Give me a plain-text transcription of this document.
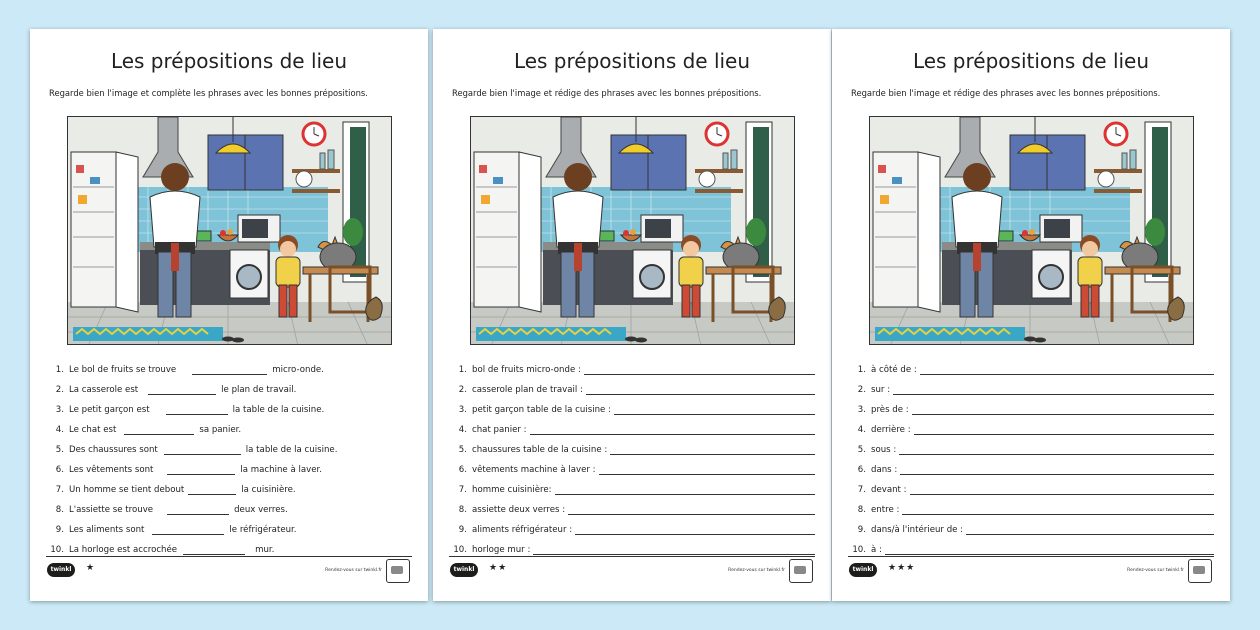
Les prépositions de lieu
Regarde bien l'image et complète les phrases avec les bonnes prépositions.
1. Le bol de fruits se trouve	micro-onde.
2. La casserole est	le plan de travail.
3. Le petit garçon est	la table de la cuisine.
4. Le chat est	sa panier.
5. Des chaussures sont	la table de la cuisine.
6. Les vêtements sont	la machine à laver.
7. Un homme se tient debout	la cuisinière.
8. L'assiette se trouve	deux verres.
9. Les aliments sont	le réfrigérateur.
10. La horloge est accrochée	mur.
twinkl	★	Rendez-vous sur twinkl.fr
Les prépositions de lieu
Regarde bien l'image et rédige des phrases avec les bonnes prépositions.
1. bol de fruits micro-onde :
2. casserole plan de travail :
3. petit garçon table de la cuisine :
4. chat panier :
5. chaussures table de la cuisine :
6. vêtements machine à laver :
7. homme cuisinière:
8. assiette deux verres :
9. aliments réfrigérateur :
10. horloge mur :
twinkl	★★	Rendez-vous sur twinkl.fr
Les prépositions de lieu
Regarde bien l'image et rédige des phrases avec les bonnes prépositions.
1. à côté de :
2. sur :
3. près de :
4. derrière :
5. sous :
6. dans :
7. devant :
8. entre :
9. dans/à l'intérieur de :
10. à :
twinkl	★★★	Rendez-vous sur twinkl.fr
